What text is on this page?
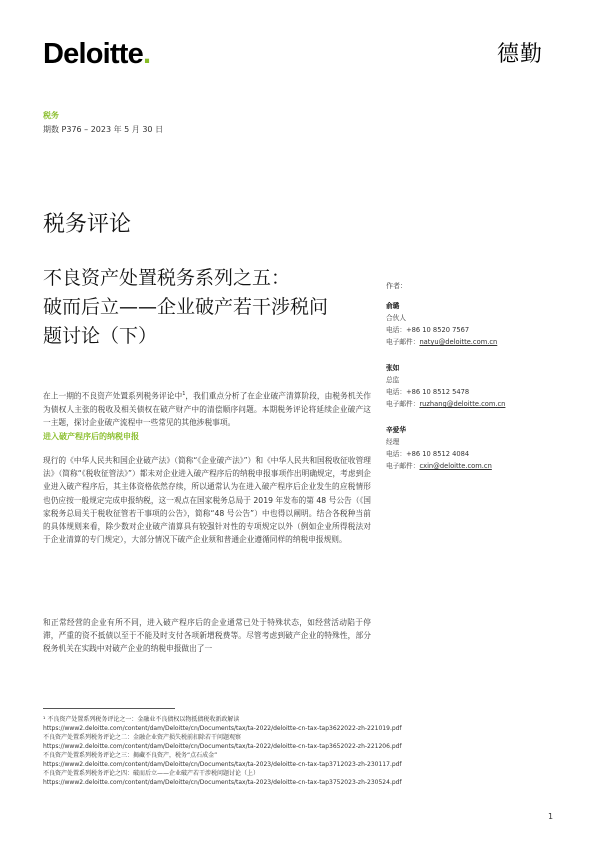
Deloitte.	德勤
税务
期数 P376 – 2023 年 5 月 30 日
税务评论
不良资产处置税务系列之五：
破而后立——企业破产若干涉税问
题讨论（下）
作者：
俞璐
合伙人
电话：+86 10 8520 7567
电子邮件：natyu@deloitte.com.cn
张如
总监
电话：+86 10 8512 5478
电子邮件：ruzhang@deloitte.com.cn
辛爱华
经理
电话：+86 10 8512 4084
电子邮件：cxin@deloitte.com.cn
在上一期的不良资产处置系列税务评论中$^1$，我们重点分析了在企业破产清算阶段，由税务机关作为债权人主张的税收及相关债权在破产财产中的清偿顺序问题。本期税务评论将延续企业破产这一主题，探讨企业破产流程中一些常见的其他涉税事项。
进入破产程序后的纳税申报
现行的《中华人民共和国企业破产法》（简称“《企业破产法》”）和《中华人民共和国税收征收管理法》（简称“《税收征管法》”）都未对企业进入破产程序后的纳税申报事项作出明确规定，考虑到企业进入破产程序后，其主体资格依然存续，所以通常认为在进入破产程序后企业发生的应税情形也仍应按一般规定完成申报纳税，这一观点在国家税务总局于 2019 年发布的第 48 号公告（《国家税务总局关于税收征管若干事项的公告》，简称“48 号公告”）中也得以阐明。结合各税种当前的具体规则来看，除少数对企业破产清算具有较强针对性的专项规定以外（例如企业所得税法对于企业清算的专门规定），大部分情况下破产企业须和普通企业遵循同样的纳税申报规则。
和正常经营的企业有所不同，进入破产程序后的企业通常已处于特殊状态，如经营活动陷于停滞，严重的资不抵债以至于不能及时支付各项新增税费等。尽管考虑到破产企业的特殊性，部分税务机关在实践中对破产企业的纳税申报做出了一
¹ 不良资产处置系列税务评论之一：金融业不良债权以物抵债税收新政解读
https://www2.deloitte.com/content/dam/Deloitte/cn/Documents/tax/ta-2022/deloitte-cn-tax-tap3622022-zh-221019.pdf
不良资产处置系列税务评论之二：金融企业资产损失税前扣除若干问题观察
https://www2.deloitte.com/content/dam/Deloitte/cn/Documents/tax/ta-2022/deloitte-cn-tax-tap3652022-zh-221206.pdf
不良资产处置系列税务评论之三：揭藏不良资产，税务“点石成金”
https://www2.deloitte.com/content/dam/Deloitte/cn/Documents/tax/ta-2023/deloitte-cn-tax-tap3712023-zh-230117.pdf
不良资产处置系列税务评论之四：破而后立——企业破产若干涉税问题讨论（上）
https://www2.deloitte.com/content/dam/Deloitte/cn/Documents/tax/ta-2023/deloitte-cn-tax-tap3752023-zh-230524.pdf
1
